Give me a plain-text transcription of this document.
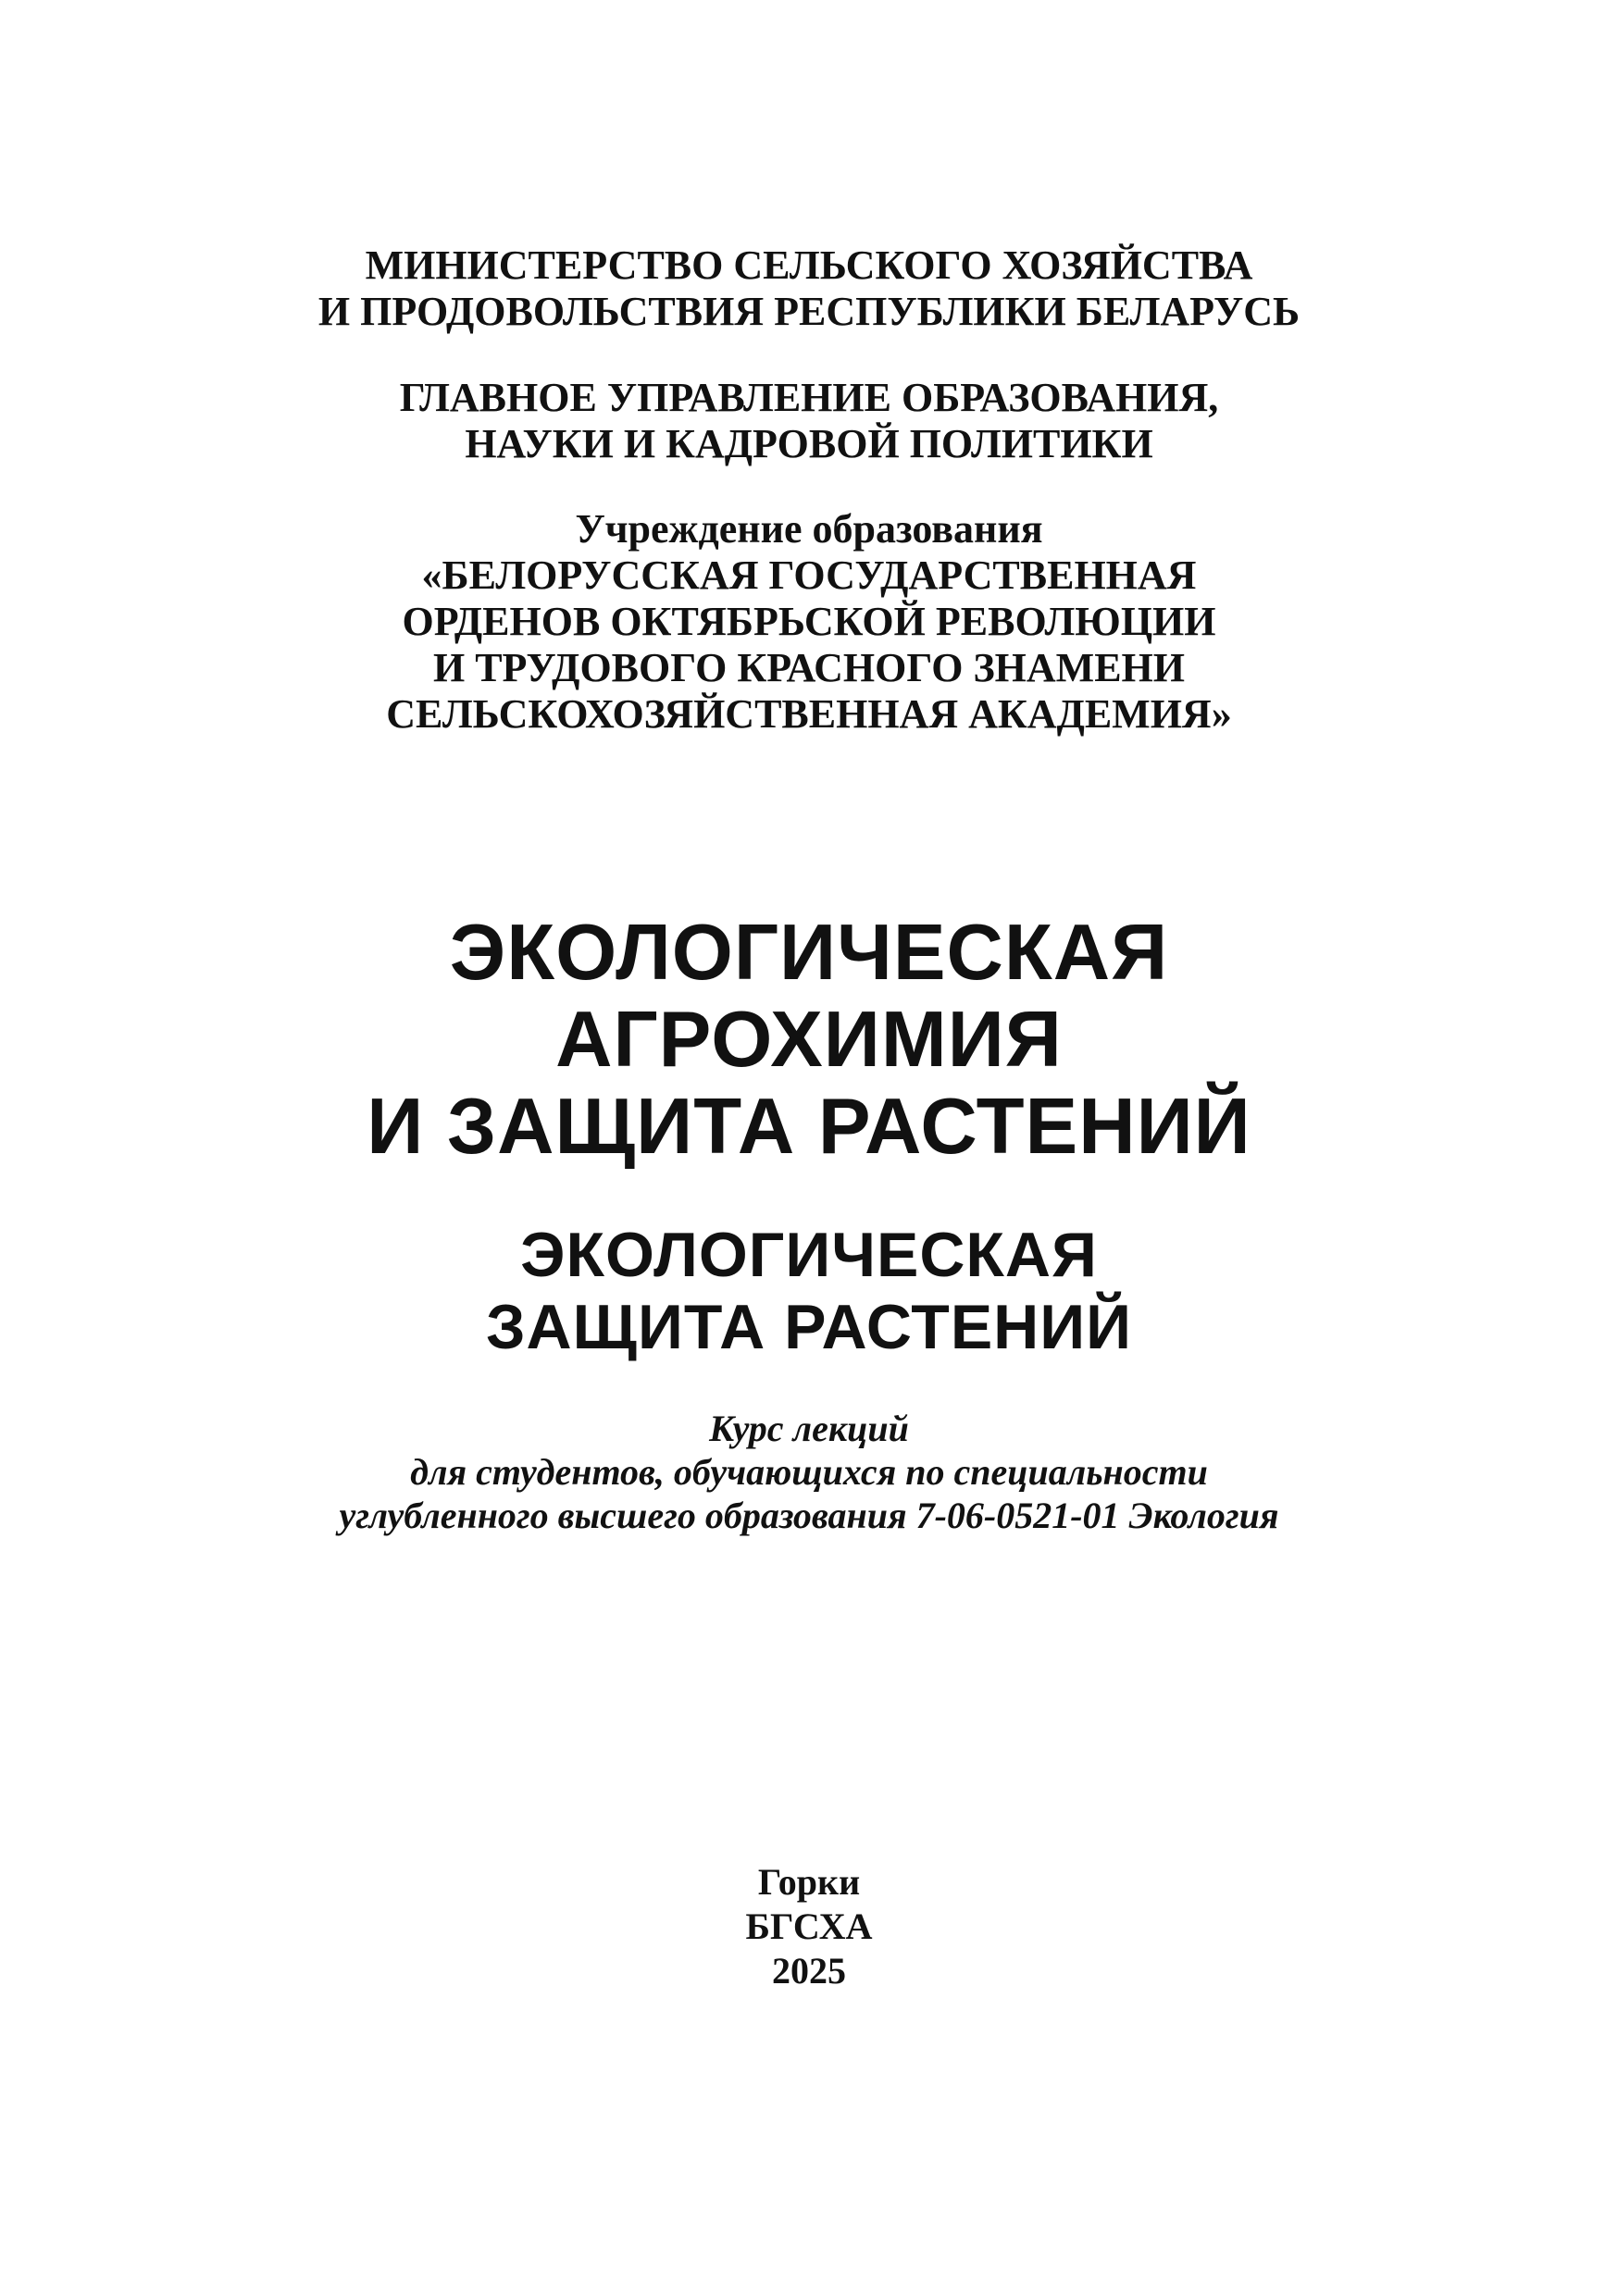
МИНИСТЕРСТВО СЕЛЬСКОГО ХОЗЯЙСТВА
И ПРОДОВОЛЬСТВИЯ РЕСПУБЛИКИ БЕЛАРУСЬ
ГЛАВНОЕ УПРАВЛЕНИЕ ОБРАЗОВАНИЯ,
НАУКИ И КАДРОВОЙ ПОЛИТИКИ
Учреждение образования
«БЕЛОРУССКАЯ ГОСУДАРСТВЕННАЯ
ОРДЕНОВ ОКТЯБРЬСКОЙ РЕВОЛЮЦИИ
И ТРУДОВОГО КРАСНОГО ЗНАМЕНИ
СЕЛЬСКОХОЗЯЙСТВЕННАЯ АКАДЕМИЯ»
ЭКОЛОГИЧЕСКАЯ
АГРОХИМИЯ
И ЗАЩИТА РАСТЕНИЙ
ЭКОЛОГИЧЕСКАЯ
ЗАЩИТА РАСТЕНИЙ
Курс лекций
для студентов, обучающихся по специальности
углубленного высшего образования 7-06-0521-01 Экология
Горки
БГСХА
2025
